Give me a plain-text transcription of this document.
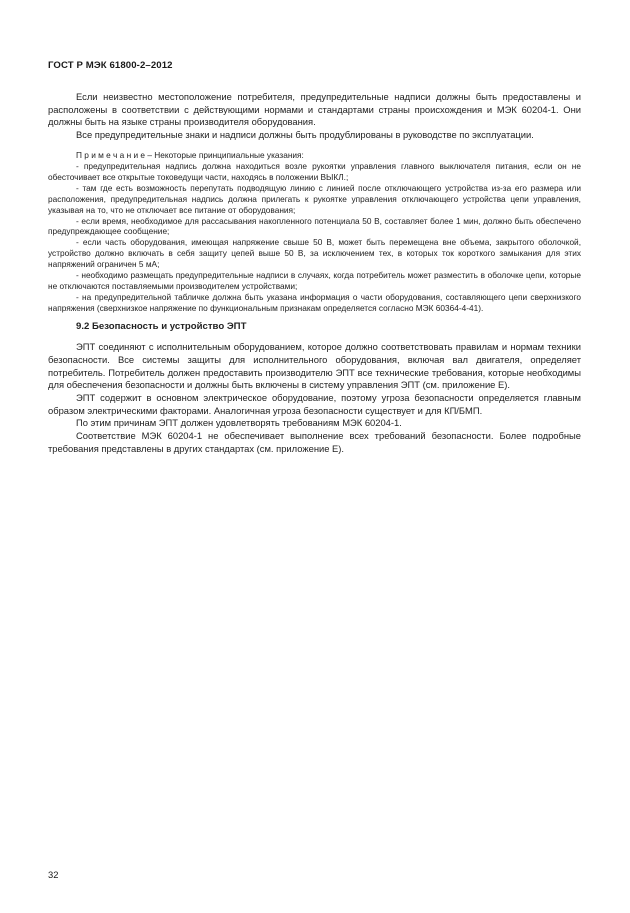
ГОСТ Р МЭК 61800-2–2012

Если неизвестно местоположение потребителя, предупредительные надписи должны быть предоставлены и расположены в соответствии с действующими нормами и стандартами страны происхождения и МЭК 60204-1. Они должны быть на языке страны производителя оборудования.

Все предупредительные знаки и надписи должны быть продублированы в руководстве по эксплуатации.

П р и м е ч а н и е – Некоторые принципиальные указания:

- предупредительная надпись должна находиться возле рукоятки управления главного выключателя питания, если он не обесточивает все открытые токоведущи части, находясь в положении ВЫКЛ.;

- там где есть возможность перепутать подводящую линию с линией после отключающего устройства из-за его размера или расположения, предупредительная надпись должна прилегать к рукоятке управления отключающего устройства цепи управления, указывая на то, что не отключает все питание от оборудования;

- если время, необходимое для рассасывания накопленного потенциала 50 В, составляет более 1 мин, должно быть обеспечено предупреждающее сообщение;

- если часть оборудования, имеющая напряжение свыше 50 В, может быть перемещена вне объема, закрытого оболочкой, устройство должно включать в себя защиту цепей выше 50 В, за исключением тех, в которых ток короткого замыкания для этих напряжений ограничен 5 мА;

- необходимо размещать предупредительные надписи в случаях, когда потребитель может разместить в оболочке цепи, которые не отключаются поставляемыми производителем устройствами;

- на предупредительной табличке должна быть указана информация о части оборудования, составляющего цепи сверхнизкого напряжения (сверхнизкое напряжение по функциональным признакам определяется согласно МЭК 60364-4-41).

9.2 Безопасность и устройство ЭПТ

ЭПТ соединяют с исполнительным оборудованием, которое должно соответствовать правилам и нормам техники безопасности. Все системы защиты для исполнительного оборудования, включая вал двигателя, определяет потребитель. Потребитель должен предоставить производителю ЭПТ все технические требования, которые необходимы для обеспечения безопасности и должны быть включены в систему управления ЭПТ (см. приложение Е).

ЭПТ содержит в основном электрическое оборудование, поэтому угроза безопасности определяется главным образом электрическими факторами. Аналогичная угроза безопасности существует и для КП/БМП.

По этим причинам ЭПТ должен удовлетворять требованиям МЭК 60204-1.

Соответствие МЭК 60204-1 не обеспечивает выполнение всех требований безопасности. Более подробные требования представлены в других стандартах (см. приложение Е).

32
